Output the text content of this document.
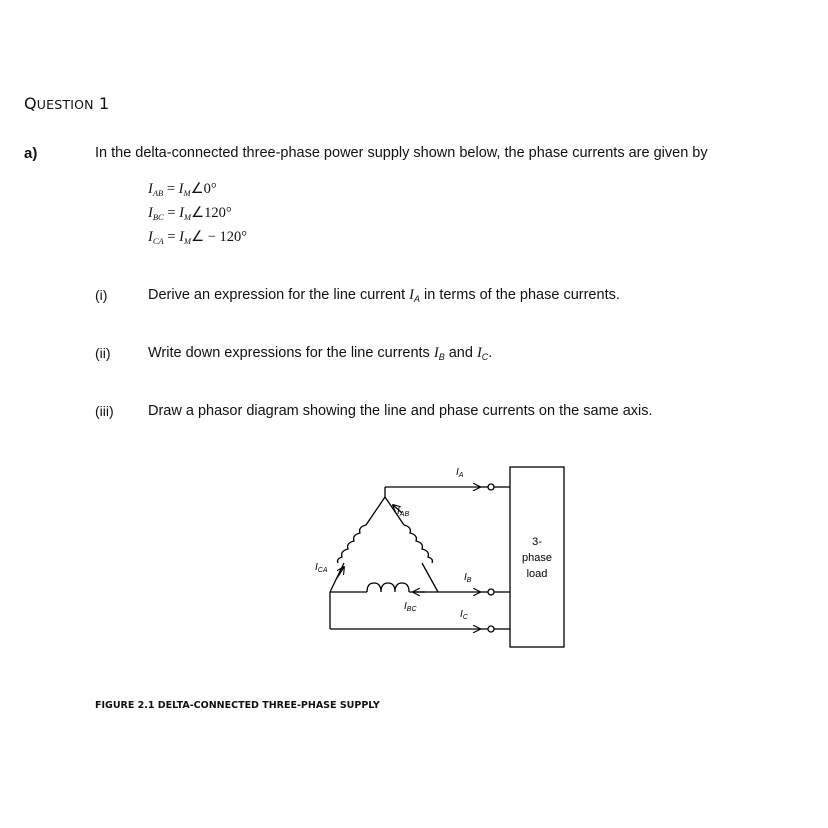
QUESTION 1
a)	In the delta-connected three-phase power supply shown below, the phase currents are given by
$I_{AB}$ = $I_M\angle 0^\circ$
$I_{BC}$ = $I_M\angle 120^\circ$
$I_{CA}$ = $I_M\angle - 120^\circ$
(i)	Derive an expression for the line current $I_A$ in terms of the phase currents.
(ii)	Write down expressions for the line currents $I_B$ and $I_C$.
(iii) Draw a phasor diagram showing the line and phase currents on the same axis.
$I_A$
$I_{AB}$
$I_{CA}$
$I_B$
$I_{BC}$	$I_C$
3-
phase
load
FIGURE 2.1 DELTA-CONNECTED THREE-PHASE SUPPLY
